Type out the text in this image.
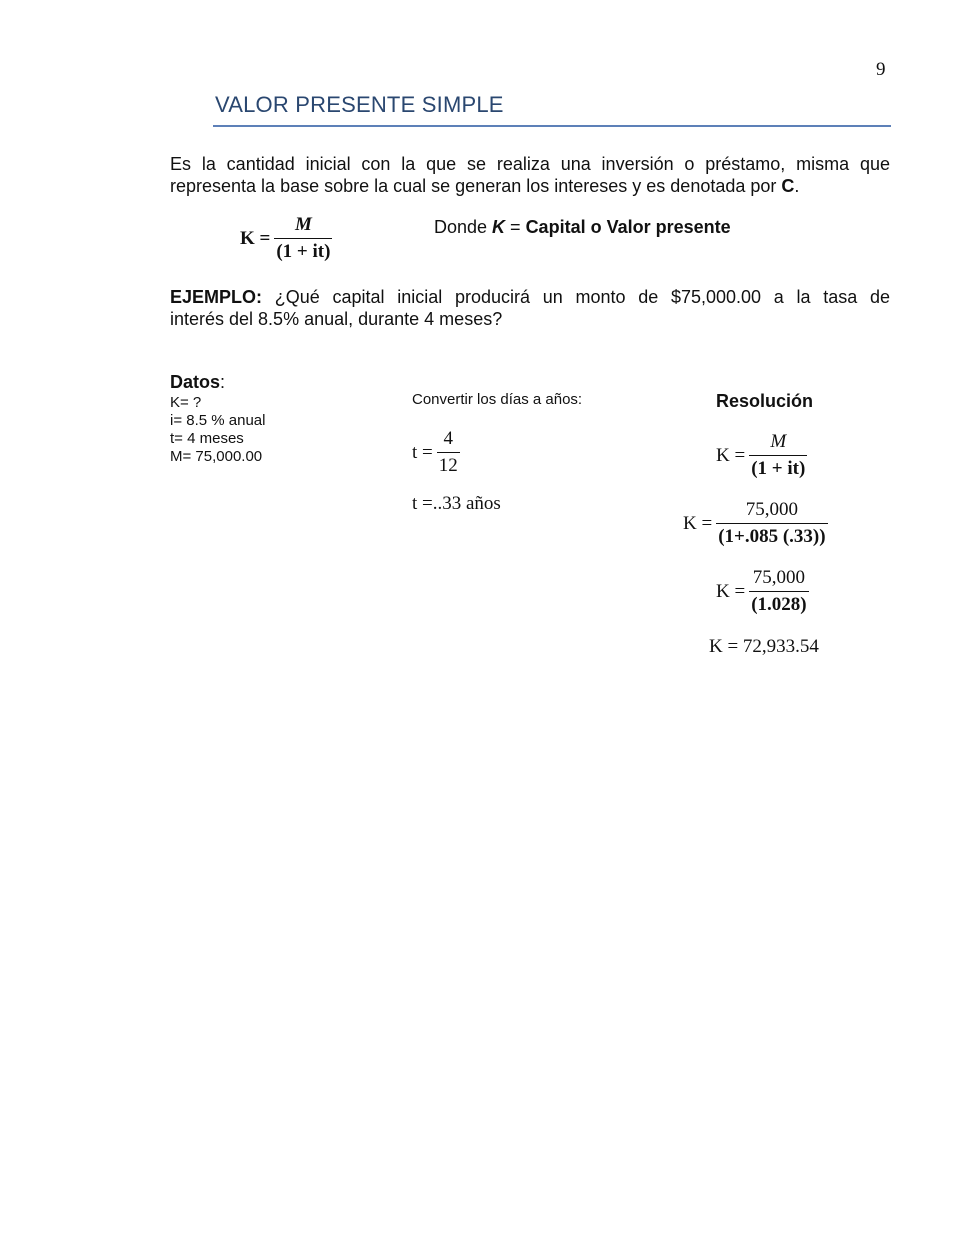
9
VALOR PRESENTE SIMPLE
Es la cantidad inicial con la que se realiza una inversión o préstamo, misma que
representa la base sobre la cual se generan los intereses y es denotada por C.
$K = \frac{M}{(1 + it)}$	Donde K = Capital o Valor presente
EJEMPLO: ¿Qué capital inicial producirá un monto de $75,000.00 a la tasa de
interés del 8.5% anual, durante 4 meses?
Datos:
K= ?
i= 8.5 % anual
t= 4 meses
M= 75,000.00
Convertir los días a años:
$t = \frac{4}{12}$
t =..33 años
Resolución
$K = \frac{M}{(1 + it)}$
$K = \frac{75,000}{(1+.085 (.33))}$
$K = \frac{75,000}{(1.028)}$
K = 72,933.54
